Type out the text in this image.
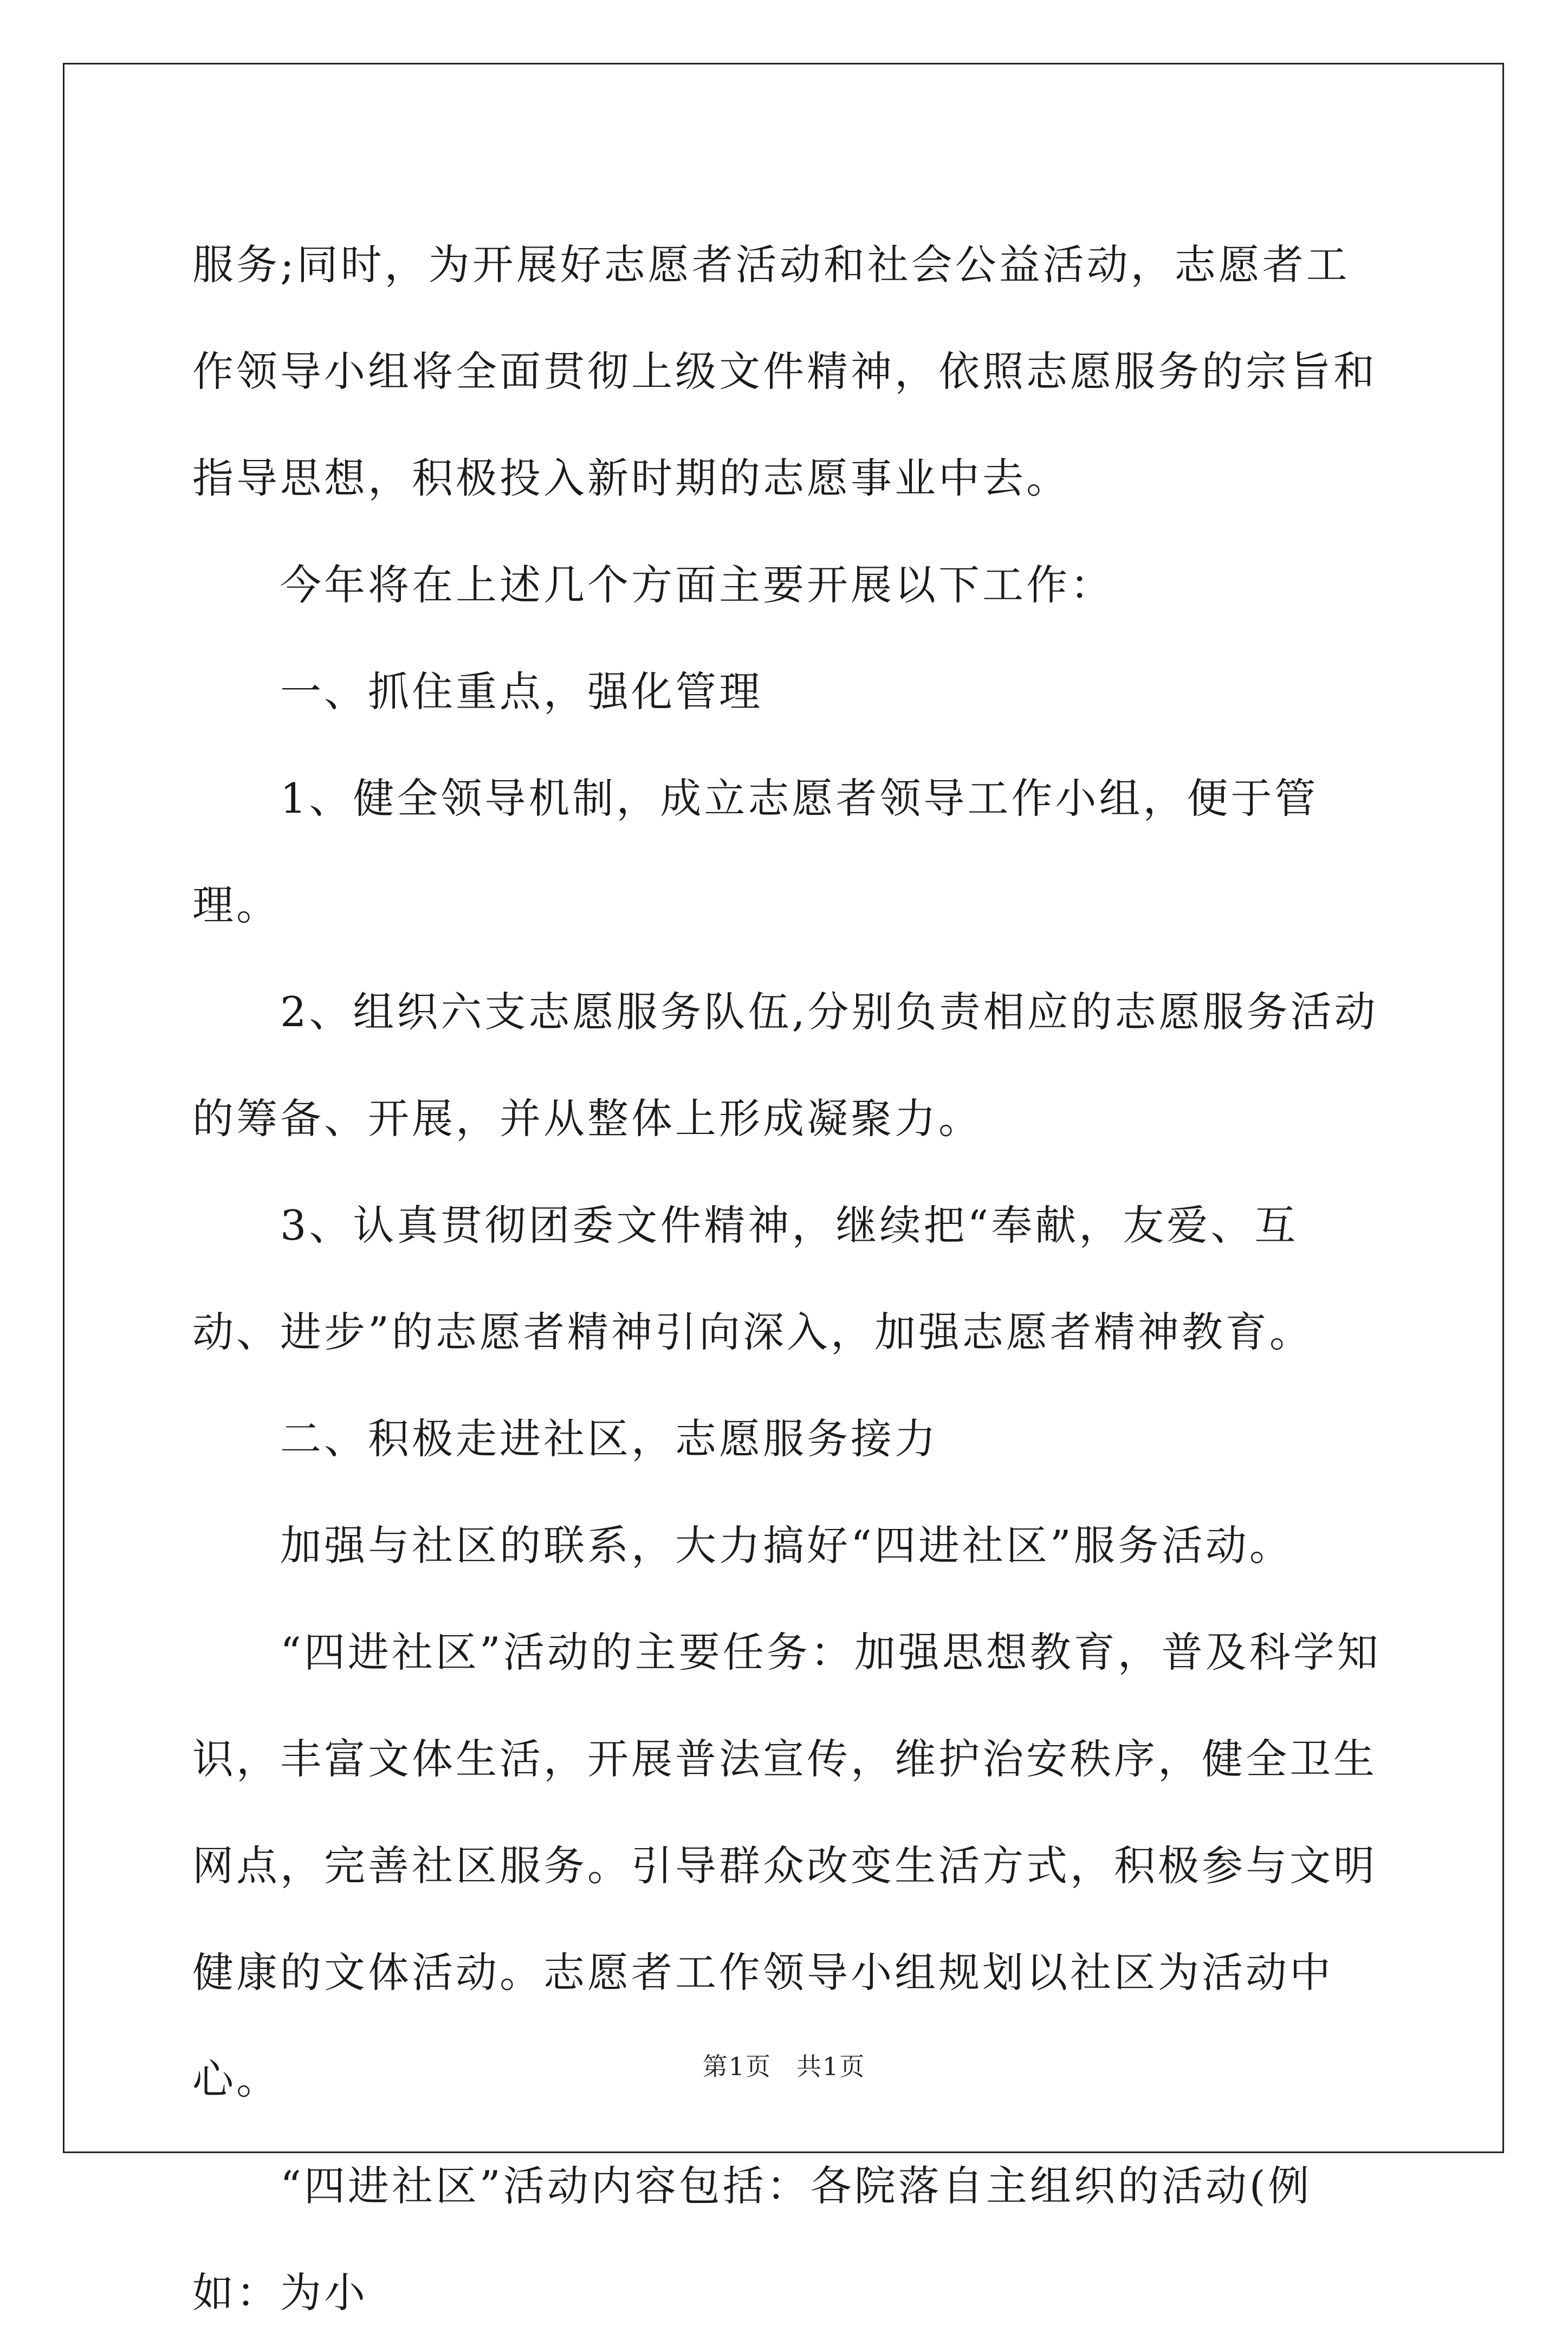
服务;同时，为开展好志愿者活动和社会公益活动，志愿者工作领导小组将全面贯彻上级文件精神，依照志愿服务的宗旨和指导思想，积极投入新时期的志愿事业中去。

　　今年将在上述几个方面主要开展以下工作：

　　一、抓住重点，强化管理

　　1、健全领导机制，成立志愿者领导工作小组，便于管理。

　　2、组织六支志愿服务队伍,分别负责相应的志愿服务活动的筹备、开展，并从整体上形成凝聚力。

　　3、认真贯彻团委文件精神，继续把“奉献，友爱、互动、进步”的志愿者精神引向深入，加强志愿者精神教育。

　　二、积极走进社区，志愿服务接力

　　加强与社区的联系，大力搞好“四进社区”服务活动。

　　“四进社区”活动的主要任务：加强思想教育，普及科学知识，丰富文体生活，开展普法宣传，维护治安秩序，健全卫生网点，完善社区服务。引导群众改变生活方式，积极参与文明健康的文体活动。志愿者工作领导小组规划以社区为活动中心。

　　“四进社区”活动内容包括：各院落自主组织的活动(例如：为小

第1页 共1页
